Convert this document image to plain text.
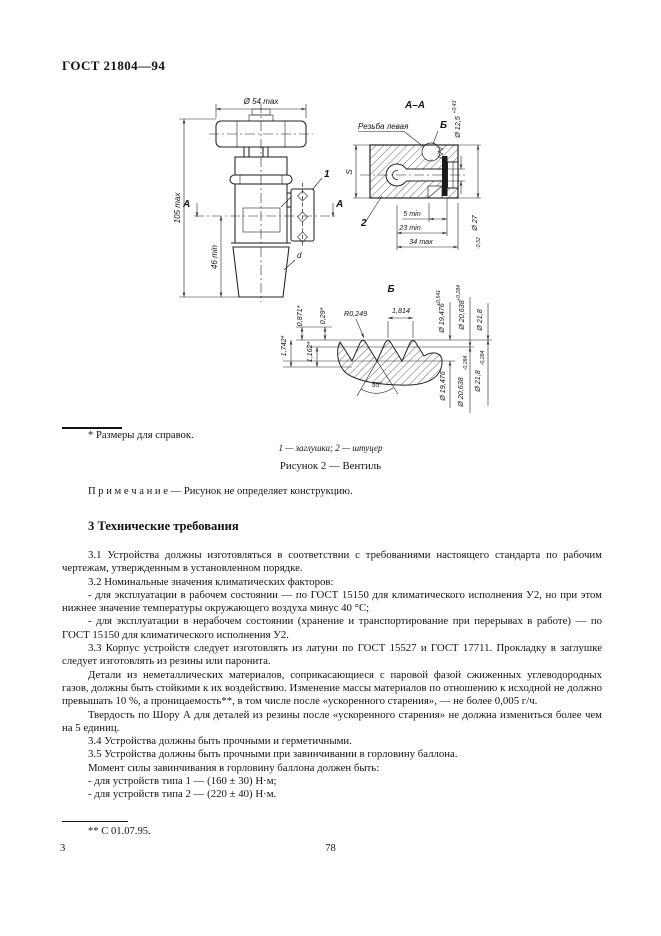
ГОСТ 21804—94
Ø 54 max
1
d
А	А
105 max
46 min
А–А
Б
Резьба левая
S
Ø 12,5
+0,43
Ø 27
-0,52
5 min
23 min
34 max
2
Б
1,742* 1,162*
0,871* 0,29* R0,249	1,814
55°
Ø 19,476
+0,541
Ø 20,638
+0,284
Ø 21,8
Ø 19,476 Ø 20,638
-0,284
Ø 21,8
-0,284
* Размеры для справок.
1 — заглушка; 2 — штуцер
Рисунок 2 — Вентиль
П р и м е ч а н и е — Рисунок не определяет конструкцию.
3 Технические требования

3.1 Устройства должны изготовляться в соответствии с требованиями настоящего стандарта по рабочим чертежам, утвержденным в установленном порядке.

3.2 Номинальные значения климатических факторов:

- для эксплуатации в рабочем состоянии — по ГОСТ 15150 для климатического исполнения У2, но при этом нижнее значение температуры окружающего воздуха минус 40 °С;

- для эксплуатации в нерабочем состоянии (хранение и транспортирование при перерывах в работе) — по ГОСТ 15150 для климатического исполнения У2.

3.3 Корпус устройств следует изготовлять из латуни по ГОСТ 15527 и ГОСТ 17711. Прокладку в заглушке следует изготовлять из резины или паронита.

Детали из неметаллических материалов, соприкасающиеся с паровой фазой сжиженных углеводородных газов, должны быть стойкими к их воздействию. Изменение массы материалов по отношению к исходной не должно превышать 10 %, а проницаемость**, в том числе после «ускоренного старения», — не более 0,005 г/ч.

Твердость по Шору А для деталей из резины после «ускоренного старения» не должна измениться более чем на 5 единиц.

3.4 Устройства должны быть прочными и герметичными.

3.5 Устройства должны быть прочными при завинчивании в горловину баллона.

Момент силы завинчивания в горловину баллона должен быть:

- для устройств типа 1 — (160 ± 30) Н·м;

- для устройств типа 2 — (220 ± 40) Н·м.

** С 01.07.95.
3	78
